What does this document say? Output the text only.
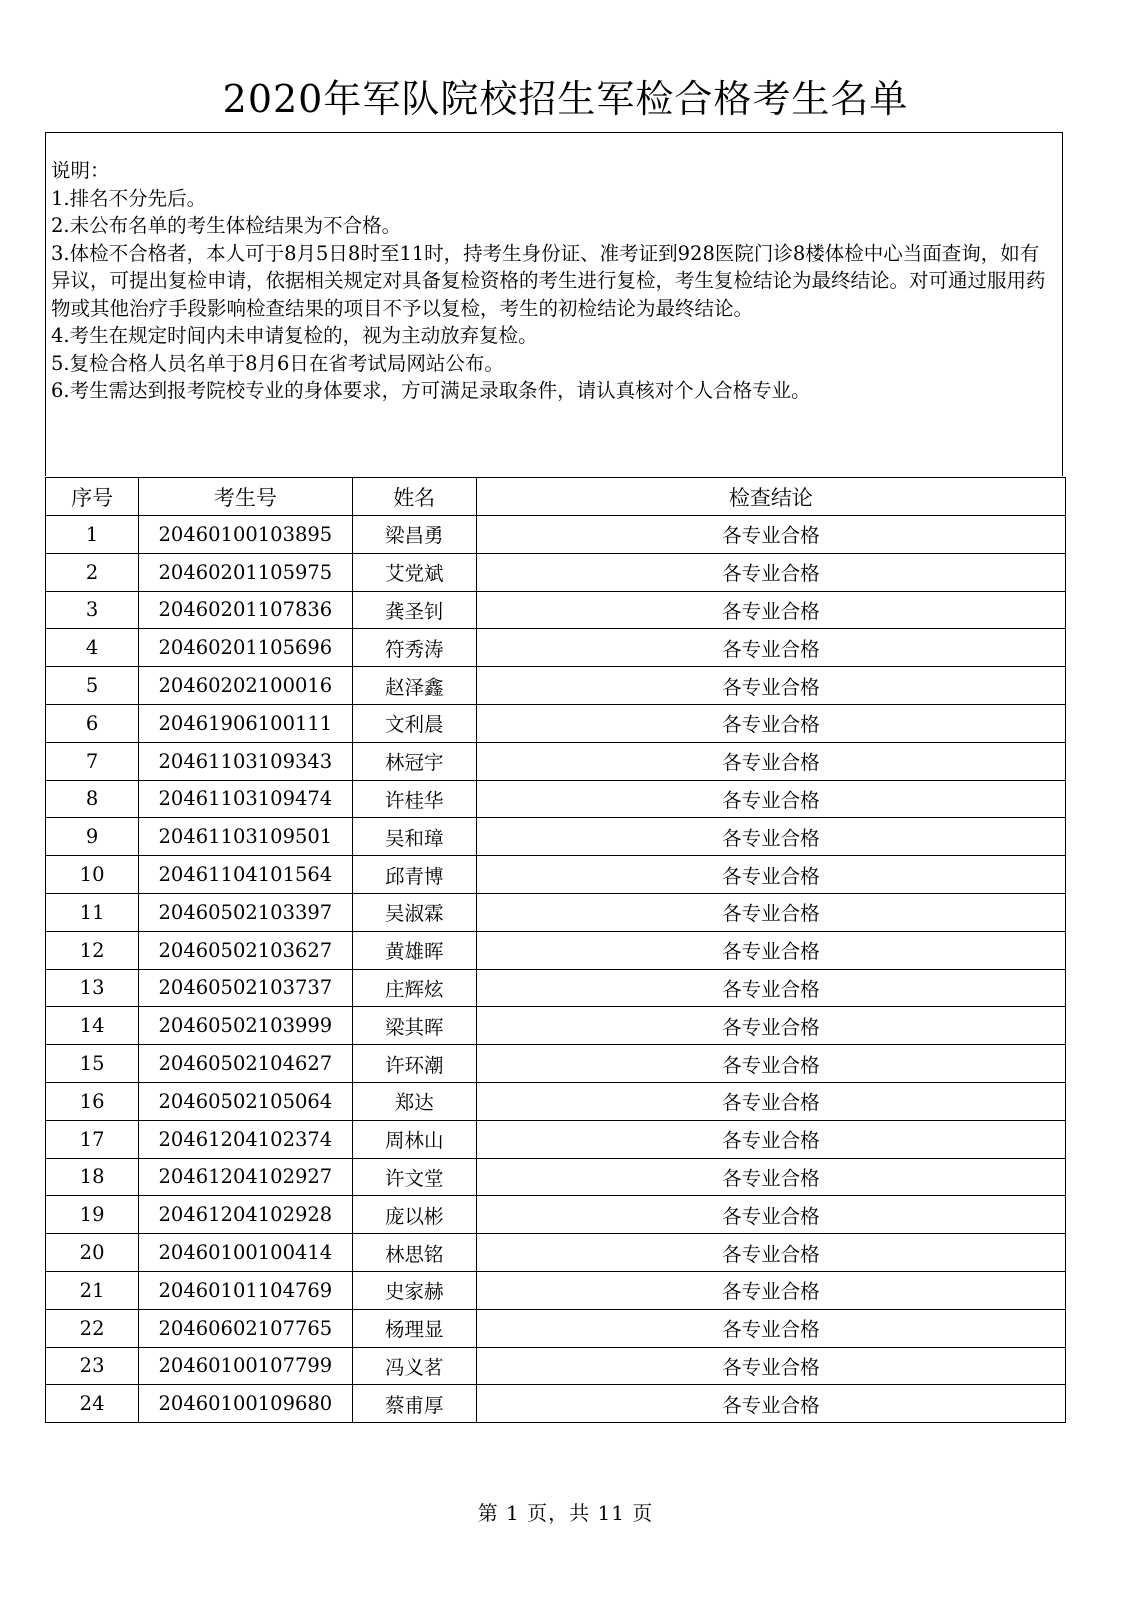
2020年军队院校招生军检合格考生名单
说明：
1.排名不分先后。
2.未公布名单的考生体检结果为不合格。
3.体检不合格者，本人可于8月5日8时至11时，持考生身份证、准考证到928医院门诊8楼体检中心当面查询，如有异议，可提出复检申请，依据相关规定对具备复检资格的考生进行复检，考生复检结论为最终结论。对可通过服用药物或其他治疗手段影响检查结果的项目不予以复检，考生的初检结论为最终结论。
4.考生在规定时间内未申请复检的，视为主动放弃复检。
5.复检合格人员名单于8月6日在省考试局网站公布。
6.考生需达到报考院校专业的身体要求，方可满足录取条件，请认真核对个人合格专业。
序号	考生号	姓名	检查结论
1	20460100103895	梁昌勇	各专业合格
2	20460201105975	艾党斌	各专业合格
3	20460201107836	龚圣钊	各专业合格
4	20460201105696	符秀涛	各专业合格
5	20460202100016	赵泽鑫	各专业合格
6	20461906100111	文利晨	各专业合格
7	20461103109343	林冠宇	各专业合格
8	20461103109474	许桂华	各专业合格
9	20461103109501	吴和璋	各专业合格
10	20461104101564	邱青博	各专业合格
11	20460502103397	吴淑霖	各专业合格
12	20460502103627	黄雄晖	各专业合格
13	20460502103737	庄辉炫	各专业合格
14	20460502103999	梁其晖	各专业合格
15	20460502104627	许环潮	各专业合格
16	20460502105064	郑达	各专业合格
17	20461204102374	周林山	各专业合格
18	20461204102927	许文堂	各专业合格
19	20461204102928	庞以彬	各专业合格
20	20460100100414	林思铭	各专业合格
21	20460101104769	史家赫	各专业合格
22	20460602107765	杨理显	各专业合格
23	20460100107799	冯义茗	各专业合格
24	20460100109680	蔡甫厚	各专业合格
第 1 页，共 11 页
